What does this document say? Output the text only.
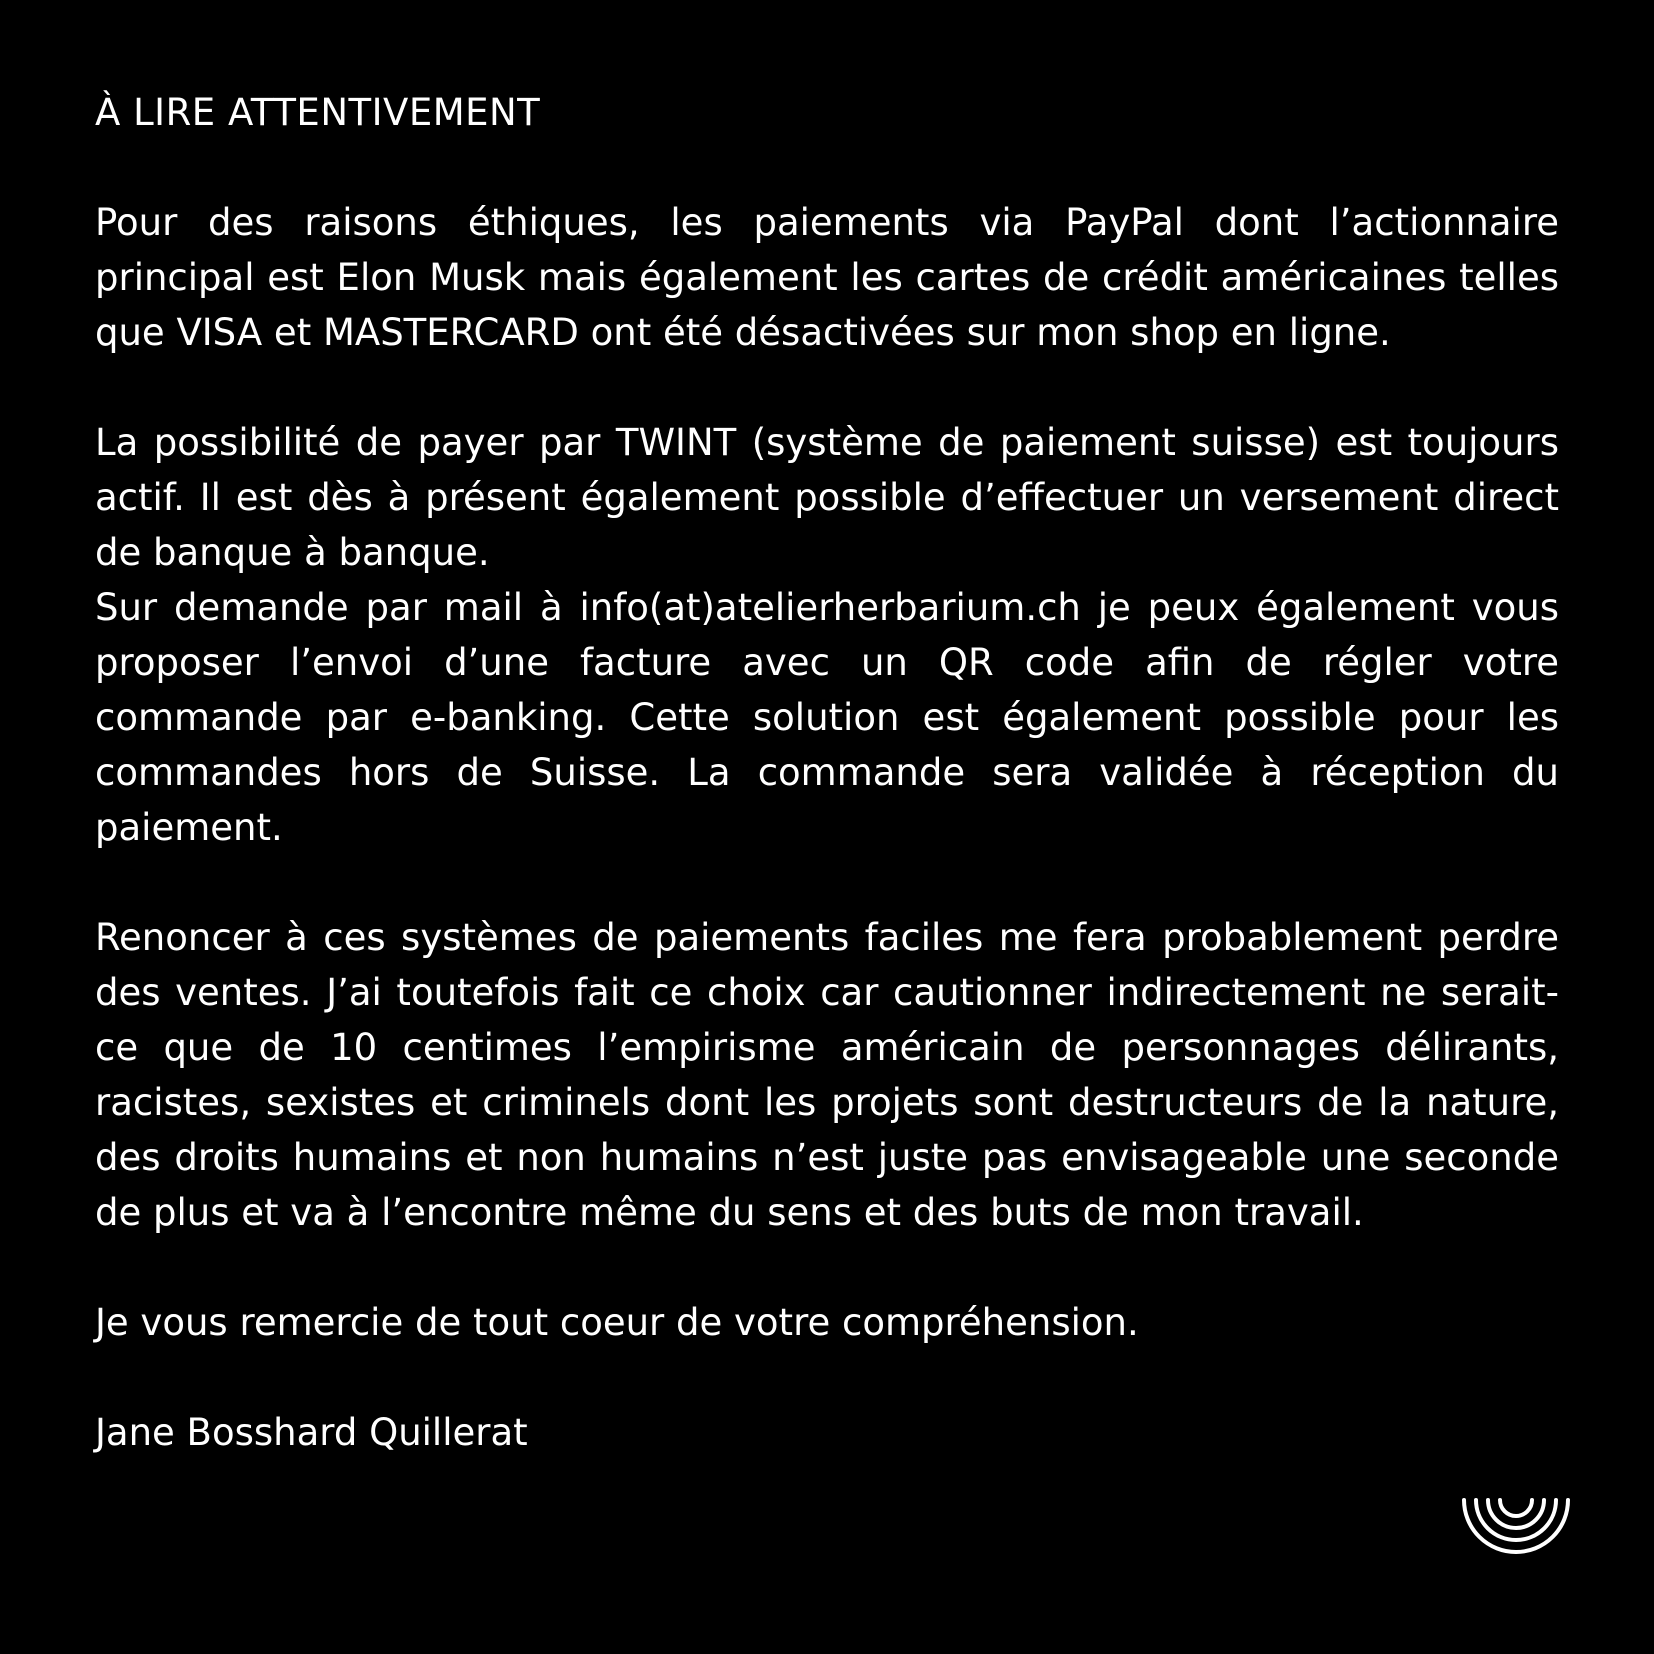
À LIRE ATTENTIVEMENT

Pour des raisons éthiques, les paiements via PayPal dont l’actionnaire principal est Elon Musk mais également les cartes de crédit américaines telles que VISA et MASTERCARD ont été désactivées sur mon shop en ligne.

La possibilité de payer par TWINT (système de paiement suisse) est toujours actif. Il est dès à présent également possible d’effectuer un versement direct de banque à banque.

Sur demande par mail à info(at)atelierherbarium.ch je peux également vous proposer l’envoi d’une facture avec un QR code afin de régler votre commande par e-banking. Cette solution est également possible pour les commandes hors de Suisse. La commande sera validée à réception du paiement.

Renoncer à ces systèmes de paiements faciles me fera probablement perdre des ventes. J’ai toutefois fait ce choix car cautionner indirectement ne serait-ce que de 10 centimes l’empirisme américain de personnages délirants, racistes, sexistes et criminels dont les projets sont destructeurs de la nature, des droits humains et non humains n’est juste pas envisageable une seconde de plus et va à l’encontre même du sens et des buts de mon travail.

Je vous remercie de tout coeur de votre compréhension.

Jane Bosshard Quillerat
